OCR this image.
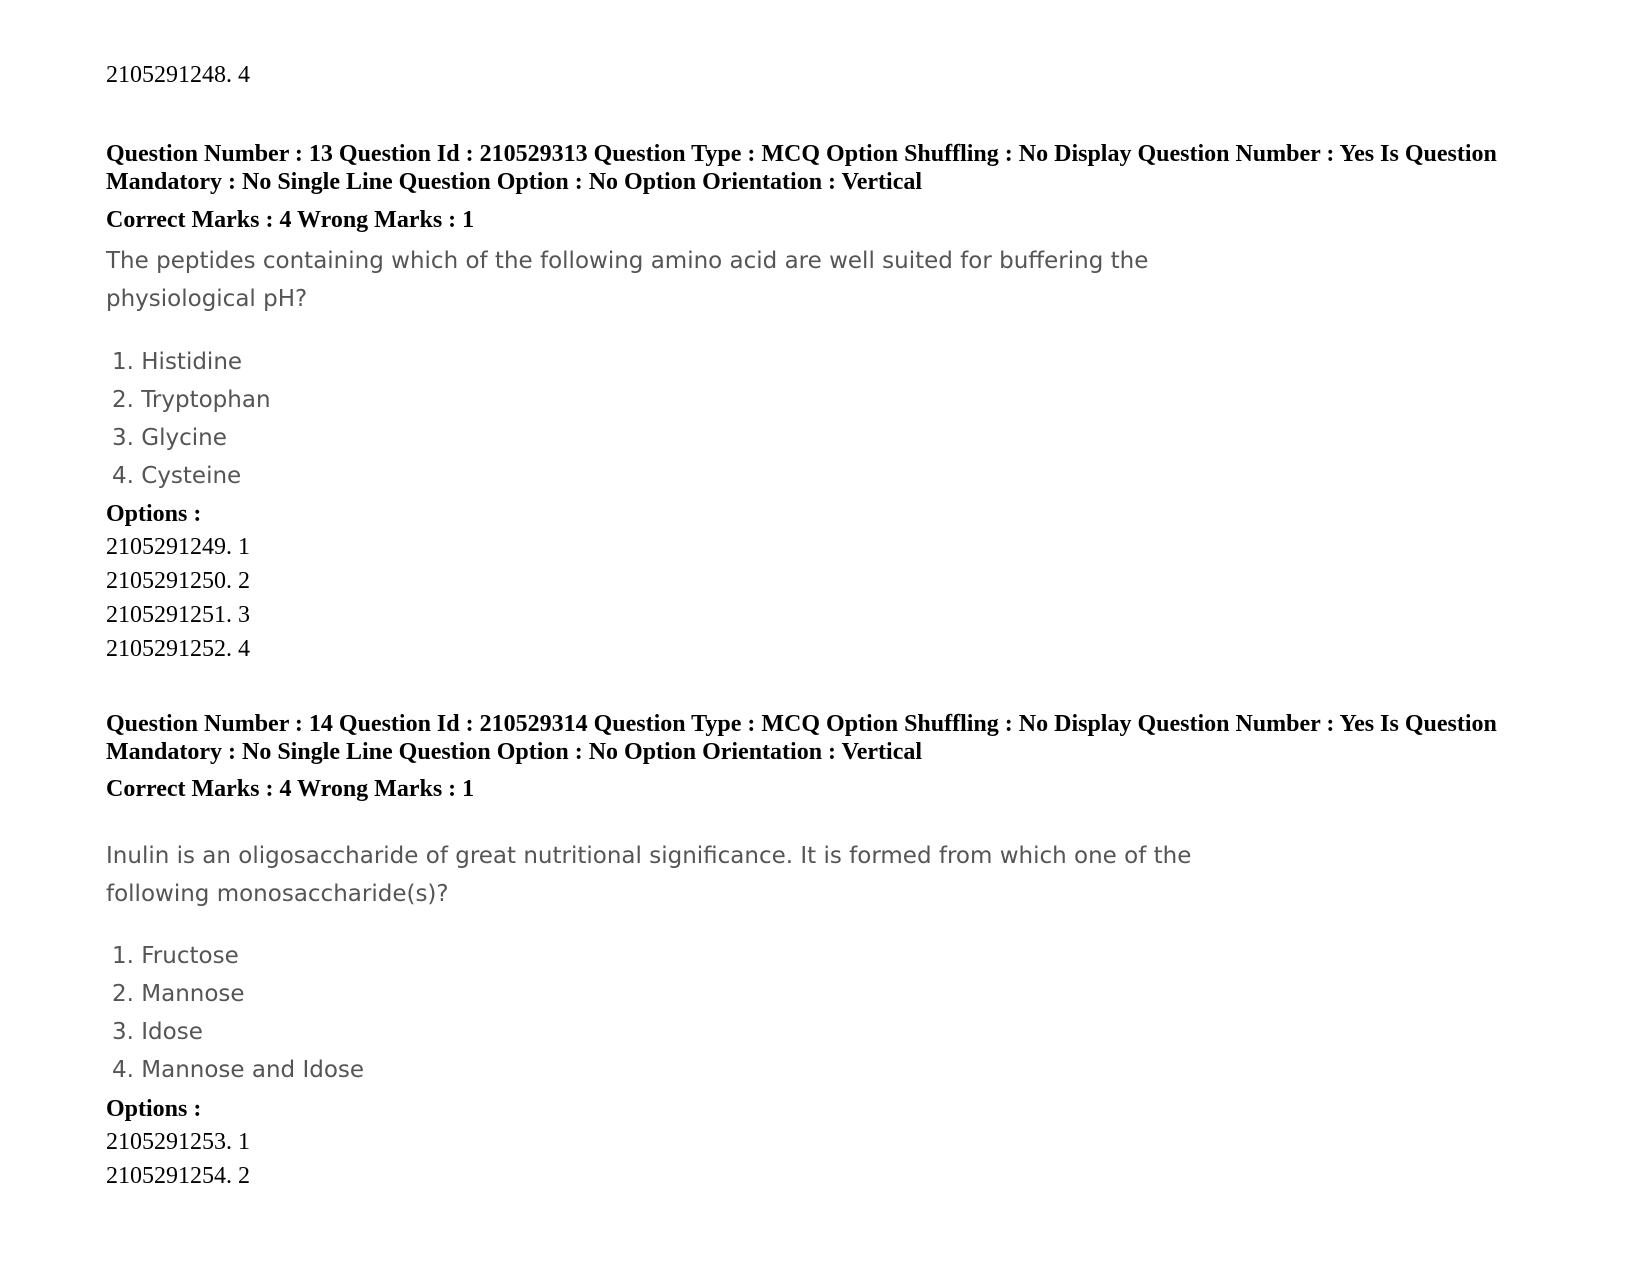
2105291248. 4
Question Number : 13 Question Id : 210529313 Question Type : MCQ Option Shuffling : No Display Question Number : Yes Is Question Mandatory : No Single Line Question Option : No Option Orientation : Vertical
Correct Marks : 4 Wrong Marks : 1
The peptides containing which of the following amino acid are well suited for buffering the physiological pH?
1. Histidine
2. Tryptophan
3. Glycine
4. Cysteine
Options :
2105291249. 1
2105291250. 2
2105291251. 3
2105291252. 4
Question Number : 14 Question Id : 210529314 Question Type : MCQ Option Shuffling : No Display Question Number : Yes Is Question Mandatory : No Single Line Question Option : No Option Orientation : Vertical
Correct Marks : 4 Wrong Marks : 1
Inulin is an oligosaccharide of great nutritional significance. It is formed from which one of the following monosaccharide(s)?
1. Fructose
2. Mannose
3. Idose
4. Mannose and Idose
Options :
2105291253. 1
2105291254. 2
